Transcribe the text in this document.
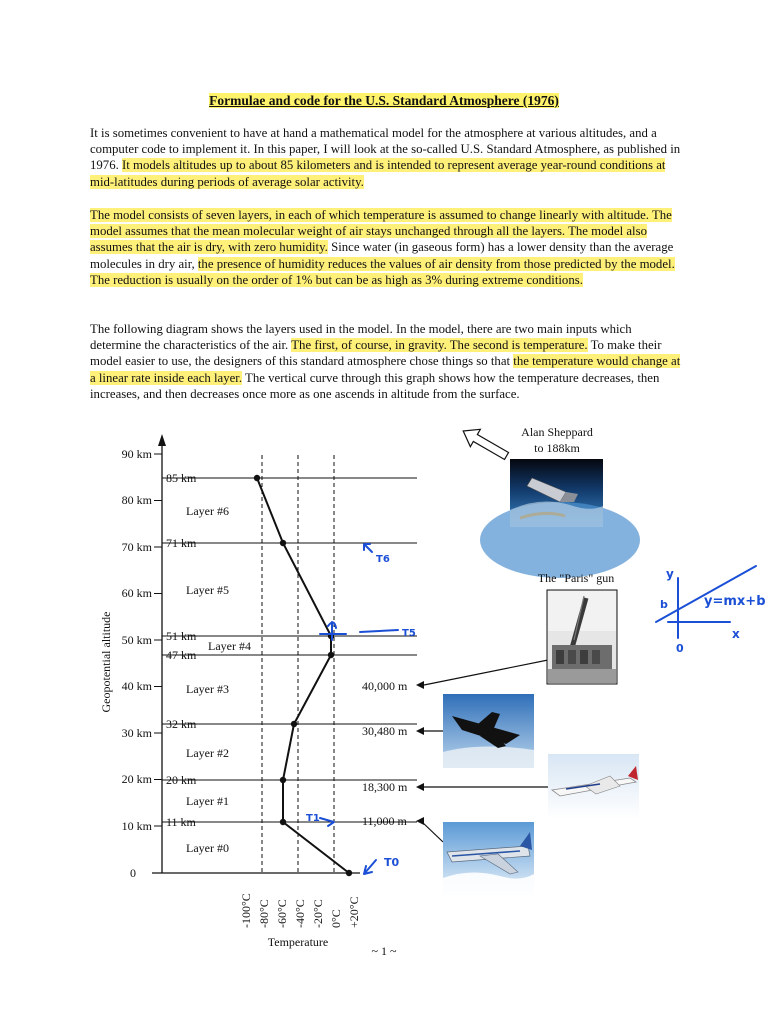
Formulae and code for the U.S. Standard Atmosphere (1976)

It is sometimes convenient to have at hand a mathematical model for the atmosphere at various altitudes, and a computer code to implement it. In this paper, I will look at the so-called U.S. Standard Atmosphere, as published in 1976. It models altitudes up to about 85 kilometers and is intended to represent average year-round conditions at mid-latitudes during periods of average solar activity.

The model consists of seven layers, in each of which temperature is assumed to change linearly with altitude. The model assumes that the mean molecular weight of air stays unchanged through all the layers. The model also assumes that the air is dry, with zero humidity. Since water (in gaseous form) has a lower density than the average molecules in dry air, the presence of humidity reduces the values of air density from those predicted by the model. The reduction is usually on the order of 1% but can be as high as 3% during extreme conditions.

The following diagram shows the layers used in the model. In the model, there are two main inputs which determine the characteristics of the air. The first, of course, in gravity. The second is temperature. To make their model easier to use, the designers of this standard atmosphere chose things so that the temperature would change at a linear rate inside each layer. The vertical curve through this graph shows how the temperature decreases, then increases, and then decreases once more as one ascends in altitude from the surface.

90 km
80 km
70 km
60 km
50 km
40 km
30 km
20 km
10 km
0
Geopotential altitude
85 km
71 km
51 km
47 km
32 km
20 km
11 km
Layer #6
Layer #5
Layer #4
Layer #3
Layer #2
Layer #1
Layer #0
-100°C -80°C -60°C -40°C -20°C 0°C +20°C
Temperature
40,000 m
30,480 m
18,300 m
11,000 m
Alan Sheppard
to 188km
The "Paris" gun
T6
T5
T1
T0
y
b
x
0
y=mx+b
~ 1 ~
